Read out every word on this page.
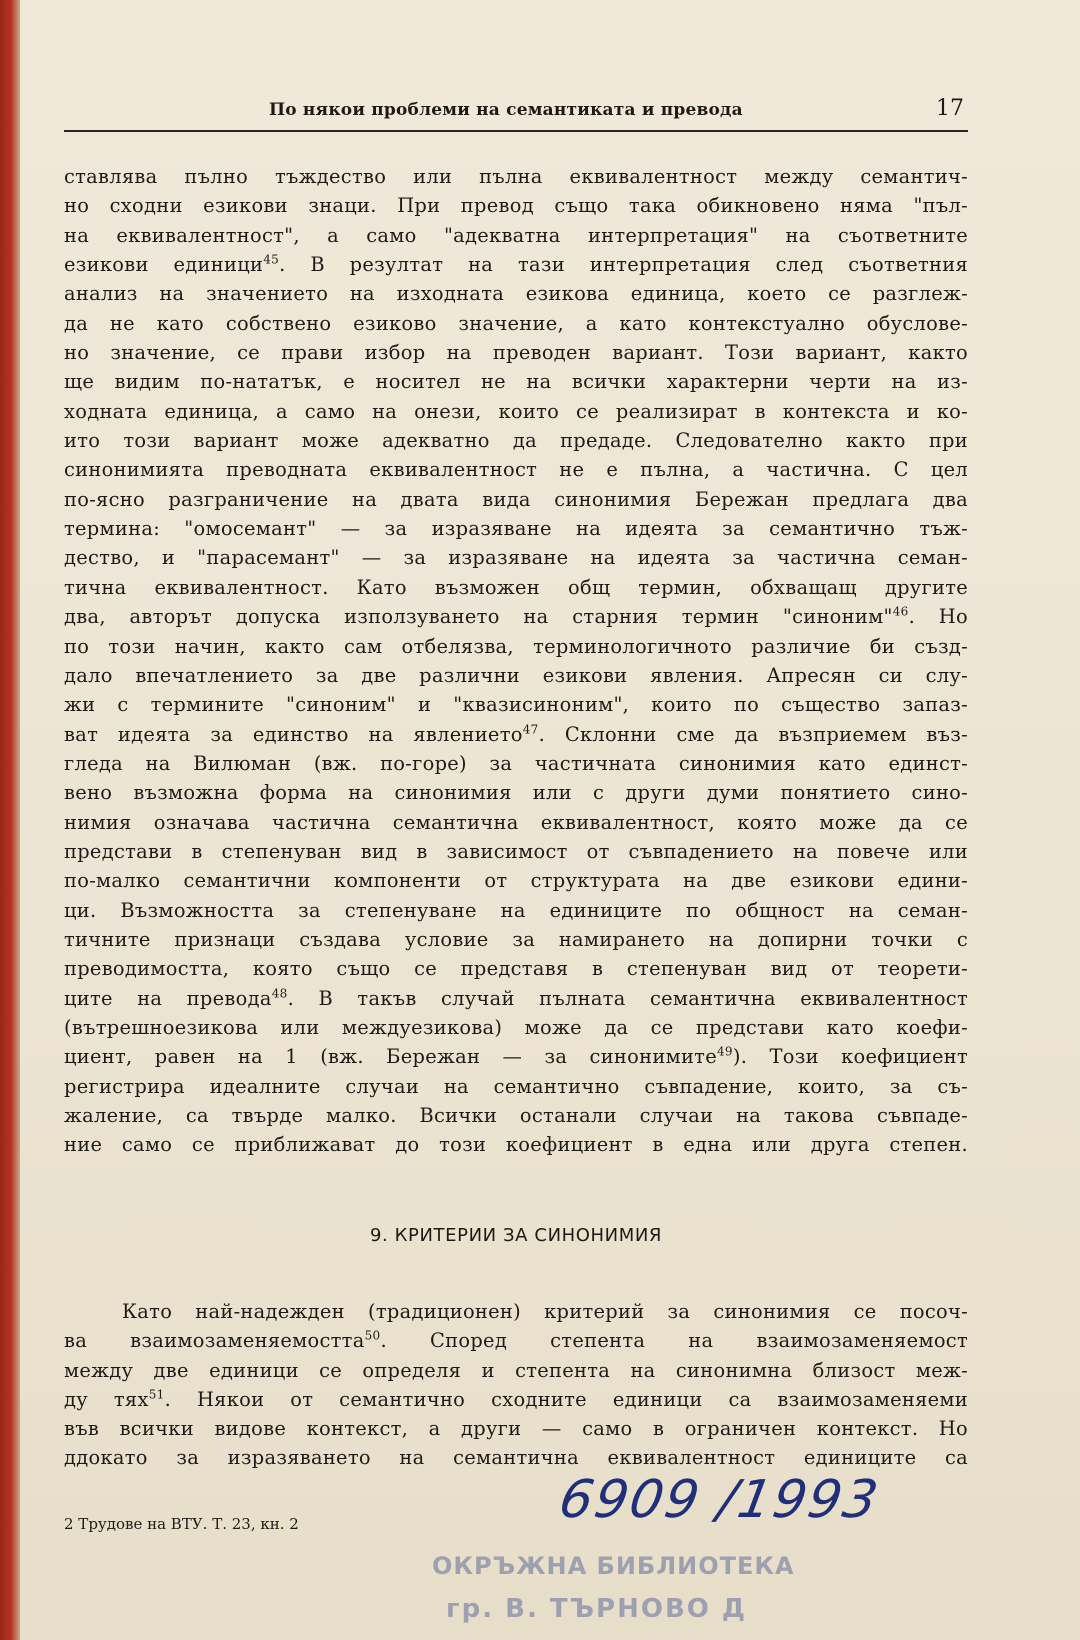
По някои проблеми на семантиката и превода	17
ставлява пълно тъждество или пълна еквивалентност между семантич-
но сходни езикови знаци. При превод също така обикновено няма "пъл-
на еквивалентност", а само "адекватна интерпретация" на съответните
езикови единици$^{45}$. В резултат на тази интерпретация след съответния
анализ на значението на изходната езикова единица, което се разглеж-
да не като собствено езиково значение, а като контекстуално обуслове-
но значение, се прави избор на преводен вариант. Този вариант, както
ще видим по-нататък, е носител не на всички характерни черти на из-
ходната единица, а само на онези, които се реализират в контекста и ко-
ито този вариант може адекватно да предаде. Следователно както при
синонимията преводната еквивалентност не е пълна, а частична. С цел
по-ясно разграничение на двата вида синонимия Бережан предлага два
термина: "омосемант" — за изразяване на идеята за семантично тъж-
дество, и "парасемант" — за изразяване на идеята за частична семан-
тична еквивалентност. Като възможен общ термин, обхващащ другите
два, авторът допуска използуването на старния термин "синоним"$^{46}$. Но
по този начин, както сам отбелязва, терминологичното различие би създ-
дало впечатлението за две различни езикови явления. Апресян си слу-
жи с термините "синоним" и "квазисиноним", които по същество запаз-
ват идеята за единство на явлението$^{47}$. Склонни сме да възприемем въз-
гледа на Вилюман (вж. по-горе) за частичната синонимия като единст-
вено възможна форма на синонимия или с други думи понятието сино-
нимия означава частична семантична еквивалентност, която може да се
представи в степенуван вид в зависимост от съвпадението на повече или
по-малко семантични компоненти от структурата на две езикови едини-
ци. Възможността за степенуване на единиците по общност на семан-
тичните признаци създава условие за намирането на допирни точки с
преводимостта, която също се представя в степенуван вид от теорети-
ците на превода$^{48}$. В такъв случай пълната семантична еквивалентност
(вътрешноезикова или междуезикова) може да се представи като коефи-
циент, равен на 1 (вж. Бережан — за синонимите$^{49}$). Този коефициент
регистрира идеалните случаи на семантично съвпадение, които, за съ-
жаление, са твърде малко. Всички останали случаи на такова съвпаде-
ние само се приближават до този коефициент в една или друга степен.
9. КРИТЕРИИ ЗА СИНОНИМИЯ
Като най-надежден (традиционен) критерий за синонимия се посоч-
ва взаимозаменяемостта$^{50}$. Според степента на взаимозаменяемост
между две единици се определя и степента на синонимна близост меж-
ду тях$^{51}$. Някои от семантично сходните единици са взаимозаменяеми
във всички видове контекст, а други — само в ограничен контекст. Но
ддокато за изразяването на семантична еквивалентност единиците са
2 Трудове на ВТУ. Т. 23, кн. 2	6909 /1993
ОКРЪЖНА БИБЛИОТЕКА
гр. В. ТЪРНОВО Д
